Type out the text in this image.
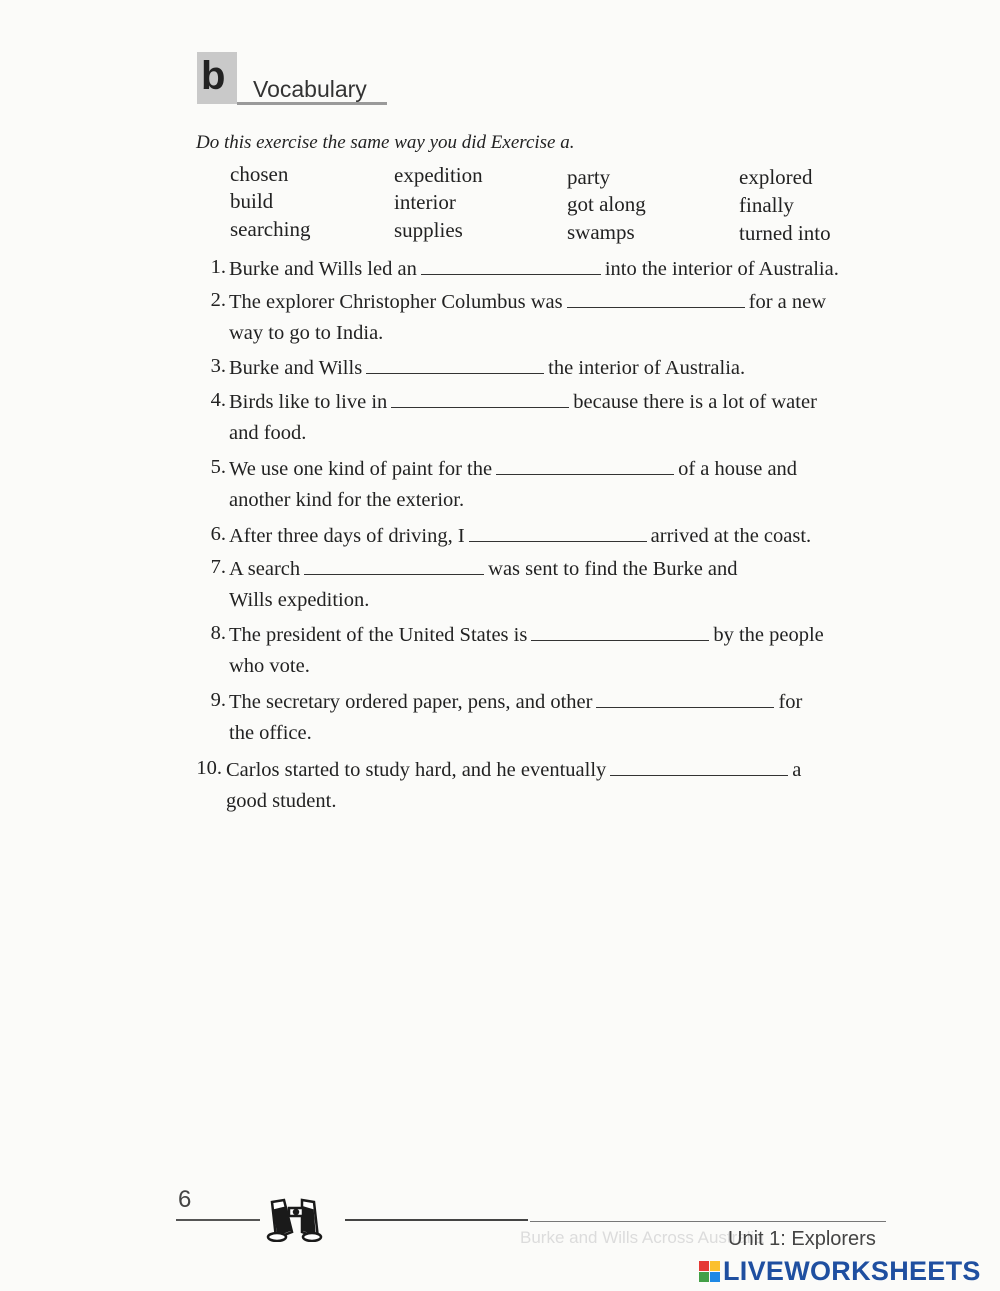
b	Vocabulary
Do this exercise the same way you did Exercise a.
chosen	expedition	party	explored
build	interior	got along	finally
searching	supplies	swamps	turned into
1. Burke and Wills led an	into the interior of Australia.
2. The explorer Christopher Columbus was	for a new
way to go to India.
3. Burke and Wills	the interior of Australia.
4. Birds like to live in	because there is a lot of water
and food.
5. We use one kind of paint for the	of a house and
another kind for the exterior.
6. After three days of driving, I	arrived at the coast.
7. A search	was sent to find the Burke and
Wills expedition.
8. The president of the United States is	by the people
who vote.
9. The secretary ordered paper, pens, and other	for
the office.
10. Carlos started to study hard, and he eventually	a
good student.
Burke and Wills Across Australia
6
Unit 1: Explorers
LIVEWORKSHEETS
